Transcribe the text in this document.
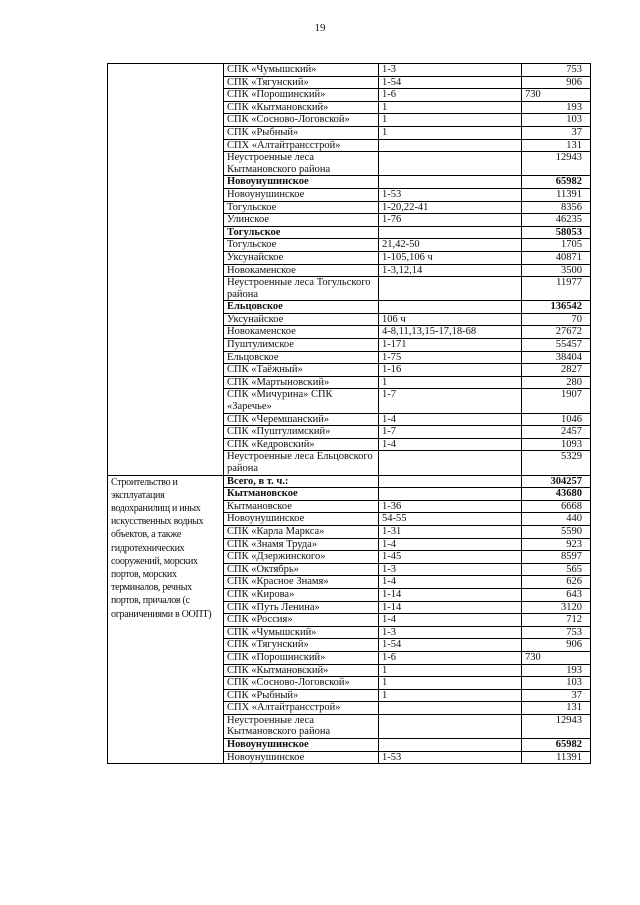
19
	СПК «Чумышский»	1-3	753
	СПК «Тягунский»	1-54	906
	СПК «Порошинский»	1-6	730
	СПК «Кытмановский»	1	193
	СПК «Сосново-Логовской»	1	103
	СПК «Рыбный»	1	37
	СПХ «Алтайтрансстрой»		131
	Неустроенные леса Кытмановского района		12943
	Новоунушинское		65982
	Новоунушинское	1-53	11391
	Тогульское	1-20,22-41	8356
	Улинское	1-76	46235
	Тогульское		58053
	Тогульское	21,42-50	1705
	Уксунайское	1-105,106 ч	40871
	Новокаменское	1-3,12,14	3500
	Неустроенные леса Тогульского района		11977
	Ельцовское		136542
	Уксунайское	106 ч	70
	Новокаменское	4-8,11,13,15-17,18-68	27672
	Пуштулимское	1-171	55457
	Ельцовское	1-75	38404
	СПК «Таёжный»	1-16	2827
	СПК «Мартыновский»	1	280
	СПК «Мичурина» СПК «Заречье»	1-7	1907
	СПК «Черемшанский»	1-4	1046
	СПК «Пуштулимский»	1-7	2457
	СПК «Кедровский»	1-4	1093
	Неустроенные леса Ельцовского района		5329
Строительство и эксплуатация водохранилищ и иных искусственных водных объектов, а также гидротехнических сооружений, морских портов, морских терминалов, речных портов, причалов (с ограничениями в ООПТ)	Всего, в т. ч.:		304257
	Кытмановское		43680
	Кытмановское	1-36	6668
	Новоунушинское	54-55	440
	СПК «Карла Маркса»	1-31	5590
	СПК «Знамя Труда»	1-4	923
	СПК «Дзержинского»	1-45	8597
	СПК «Октябрь»	1-3	565
	СПК «Красное Знамя»	1-4	626
	СПК «Кирова»	1-14	643
	СПК «Путь Ленина»	1-14	3120
	СПК «Россия»	1-4	712
	СПК «Чумышский»	1-3	753
	СПК «Тягунский»	1-54	906
	СПК «Порошинский»	1-6	730
	СПК «Кытмановский»	1	193
	СПК «Сосново-Логовской»	1	103
	СПК «Рыбный»	1	37
	СПХ «Алтайтрансстрой»		131
	Неустроенные леса Кытмановского района		12943
	Новоунушинское		65982
	Новоунушинское	1-53	11391
